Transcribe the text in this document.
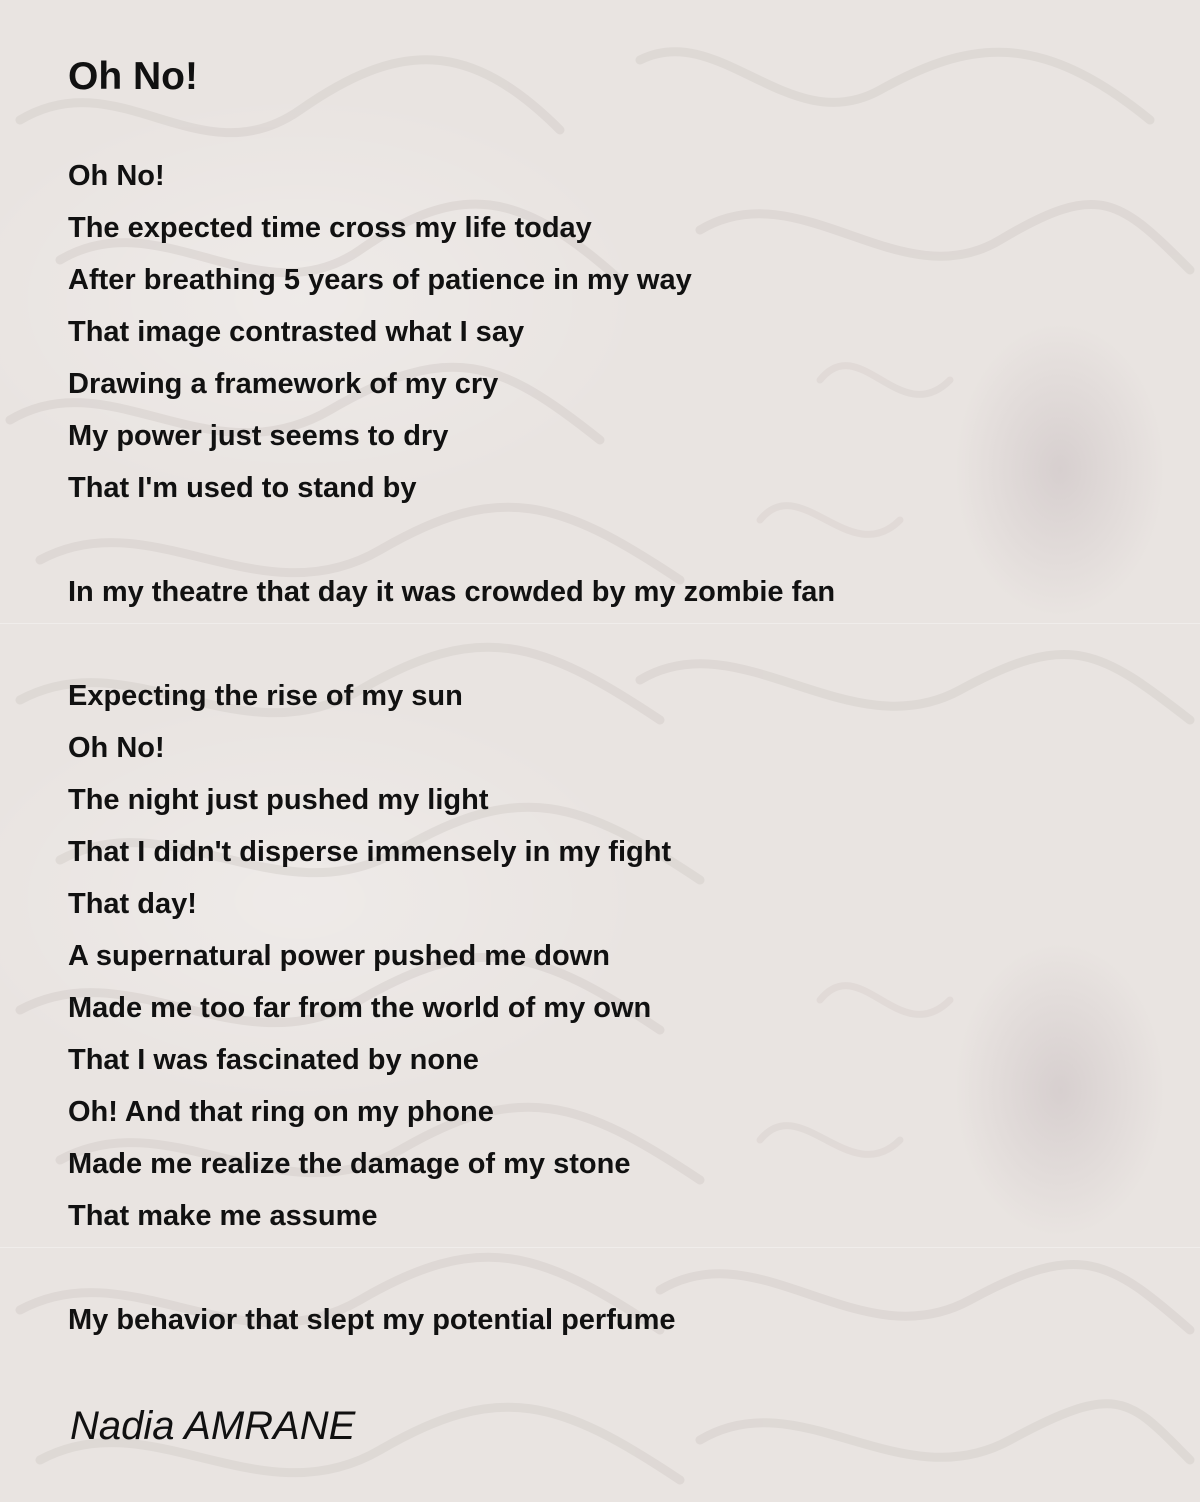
Oh No!
Oh No!
The expected time cross my life today
After breathing 5 years of patience in my way
That image contrasted what I say
Drawing a framework of my cry
My power just seems to dry
That I'm used to stand by
In my theatre that day it was crowded by my zombie fan
Expecting the rise of my sun
Oh No!
The night just pushed my light
That I didn't disperse immensely in my fight
That day!
A supernatural power pushed me down
Made me too far from the world of my own
That I was fascinated by none
Oh! And that ring on my phone
Made me realize the damage of my stone
That make me assume
My behavior that slept my potential perfume
Nadia AMRANE
